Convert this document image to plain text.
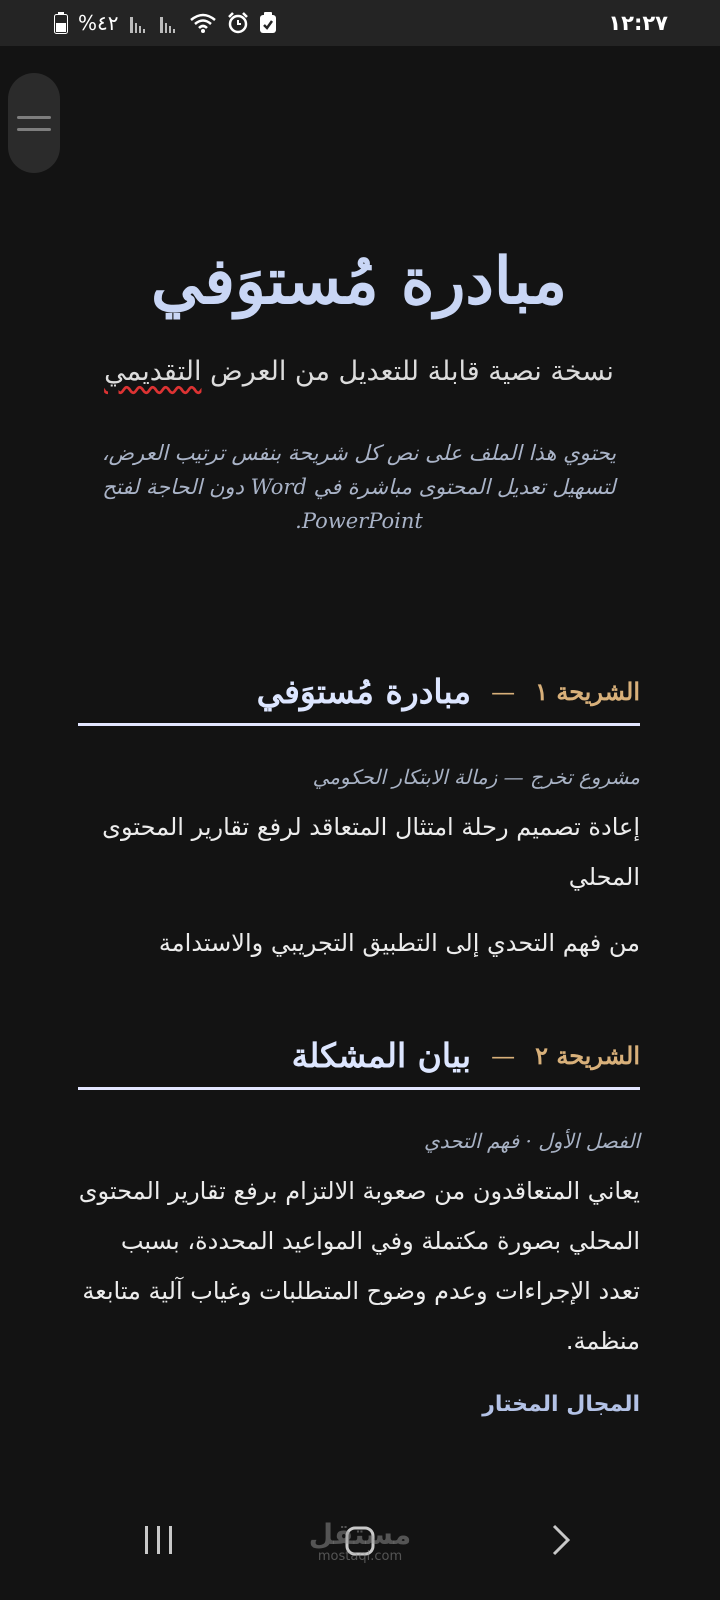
%٤٢	١٢:٢٧
مبادرة مُستوَفي

نسخة نصية قابلة للتعديل من العرض التقديمي

يحتوي هذا الملف على نص كل شريحة بنفس ترتيب العرض، لتسهيل تعديل المحتوى مباشرة في Word دون الحاجة لفتح PowerPoint.

الشريحة ١
—
مبادرة مُستوَفي

مشروع تخرج — زمالة الابتكار الحكومي

إعادة تصميم رحلة امتثال المتعاقد لرفع تقارير المحتوى المحلي

من فهم التحدي إلى التطبيق التجريبي والاستدامة

الشريحة ٢
—
بيان المشكلة

الفصل الأول · فهم التحدي

يعاني المتعاقدون من صعوبة الالتزام برفع تقارير المحتوى المحلي بصورة مكتملة وفي المواعيد المحددة، بسبب تعدد الإجراءات وعدم وضوح المتطلبات وغياب آلية متابعة منظمة.

المجال المختار

مستقل
mostaql.com
